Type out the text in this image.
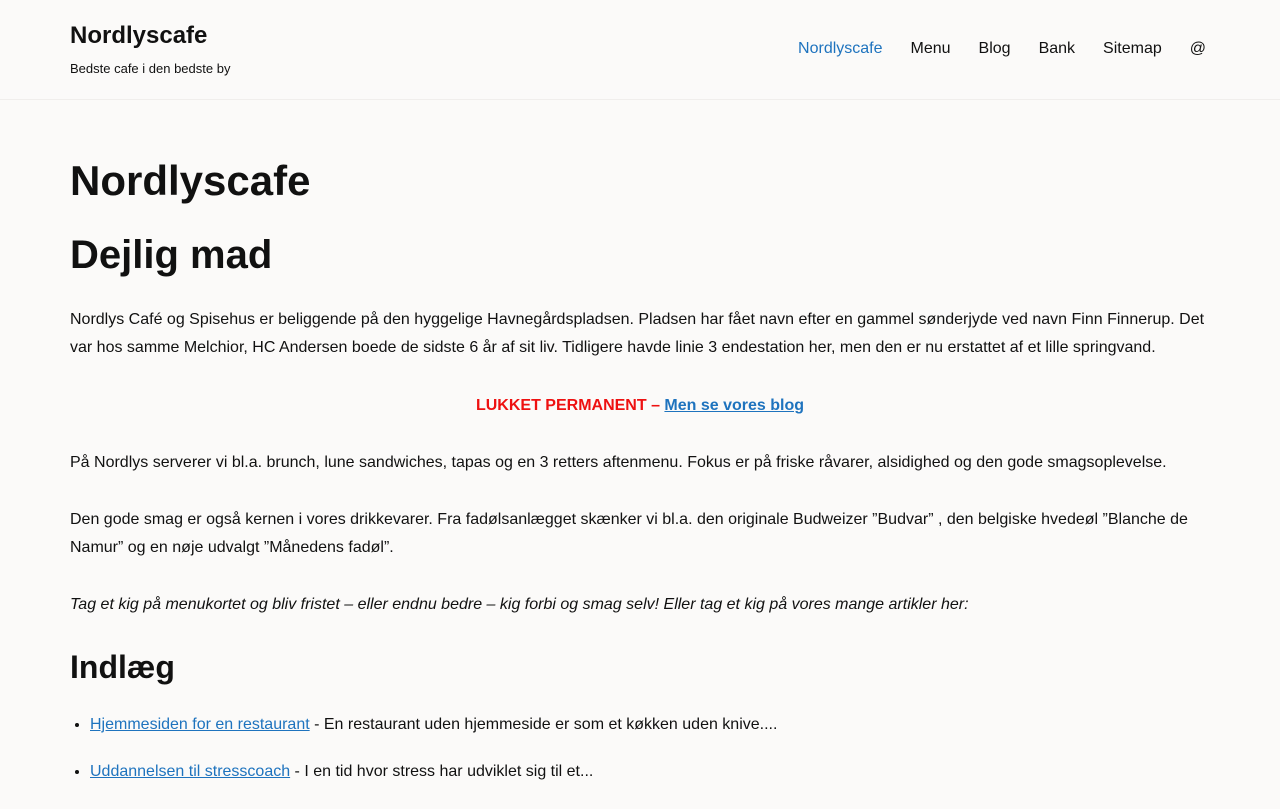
Nordlyscafe
Bedste cafe i den bedste by
Nordlyscafe Menu Blog Bank Sitemap @
Nordlyscafe
Dejlig mad

Nordlys Café og Spisehus er beliggende på den hyggelige Havnegårdspladsen. Pladsen har fået navn efter en gammel sønderjyde ved navn Finn Finnerup. Det var hos samme Melchior, HC Andersen boede de sidste 6 år af sit liv. Tidligere havde linie 3 endestation her, men den er nu erstattet af et lille springvand.

LUKKET PERMANENT – Men se vores blog

På Nordlys serverer vi bl.a. brunch, lune sandwiches, tapas og en 3 retters aftenmenu. Fokus er på friske råvarer, alsidighed og den gode smagsoplevelse.

Den gode smag er også kernen i vores drikkevarer. Fra fadølsanlægget skænker vi bl.a. den originale Budweizer ”Budvar” , den belgiske hvedeøl ”Blanche de Namur” og en nøje udvalgt ”Månedens fadøl”.

Tag et kig på menukortet og bliv fristet – eller endnu bedre – kig forbi og smag selv! Eller tag et kig på vores mange artikler her:

Indlæg
• Hjemmesiden for en restaurant - En restaurant uden hjemmeside er som et køkken uden knive....
• Uddannelsen til stresscoach - I en tid hvor stress har udviklet sig til et...
